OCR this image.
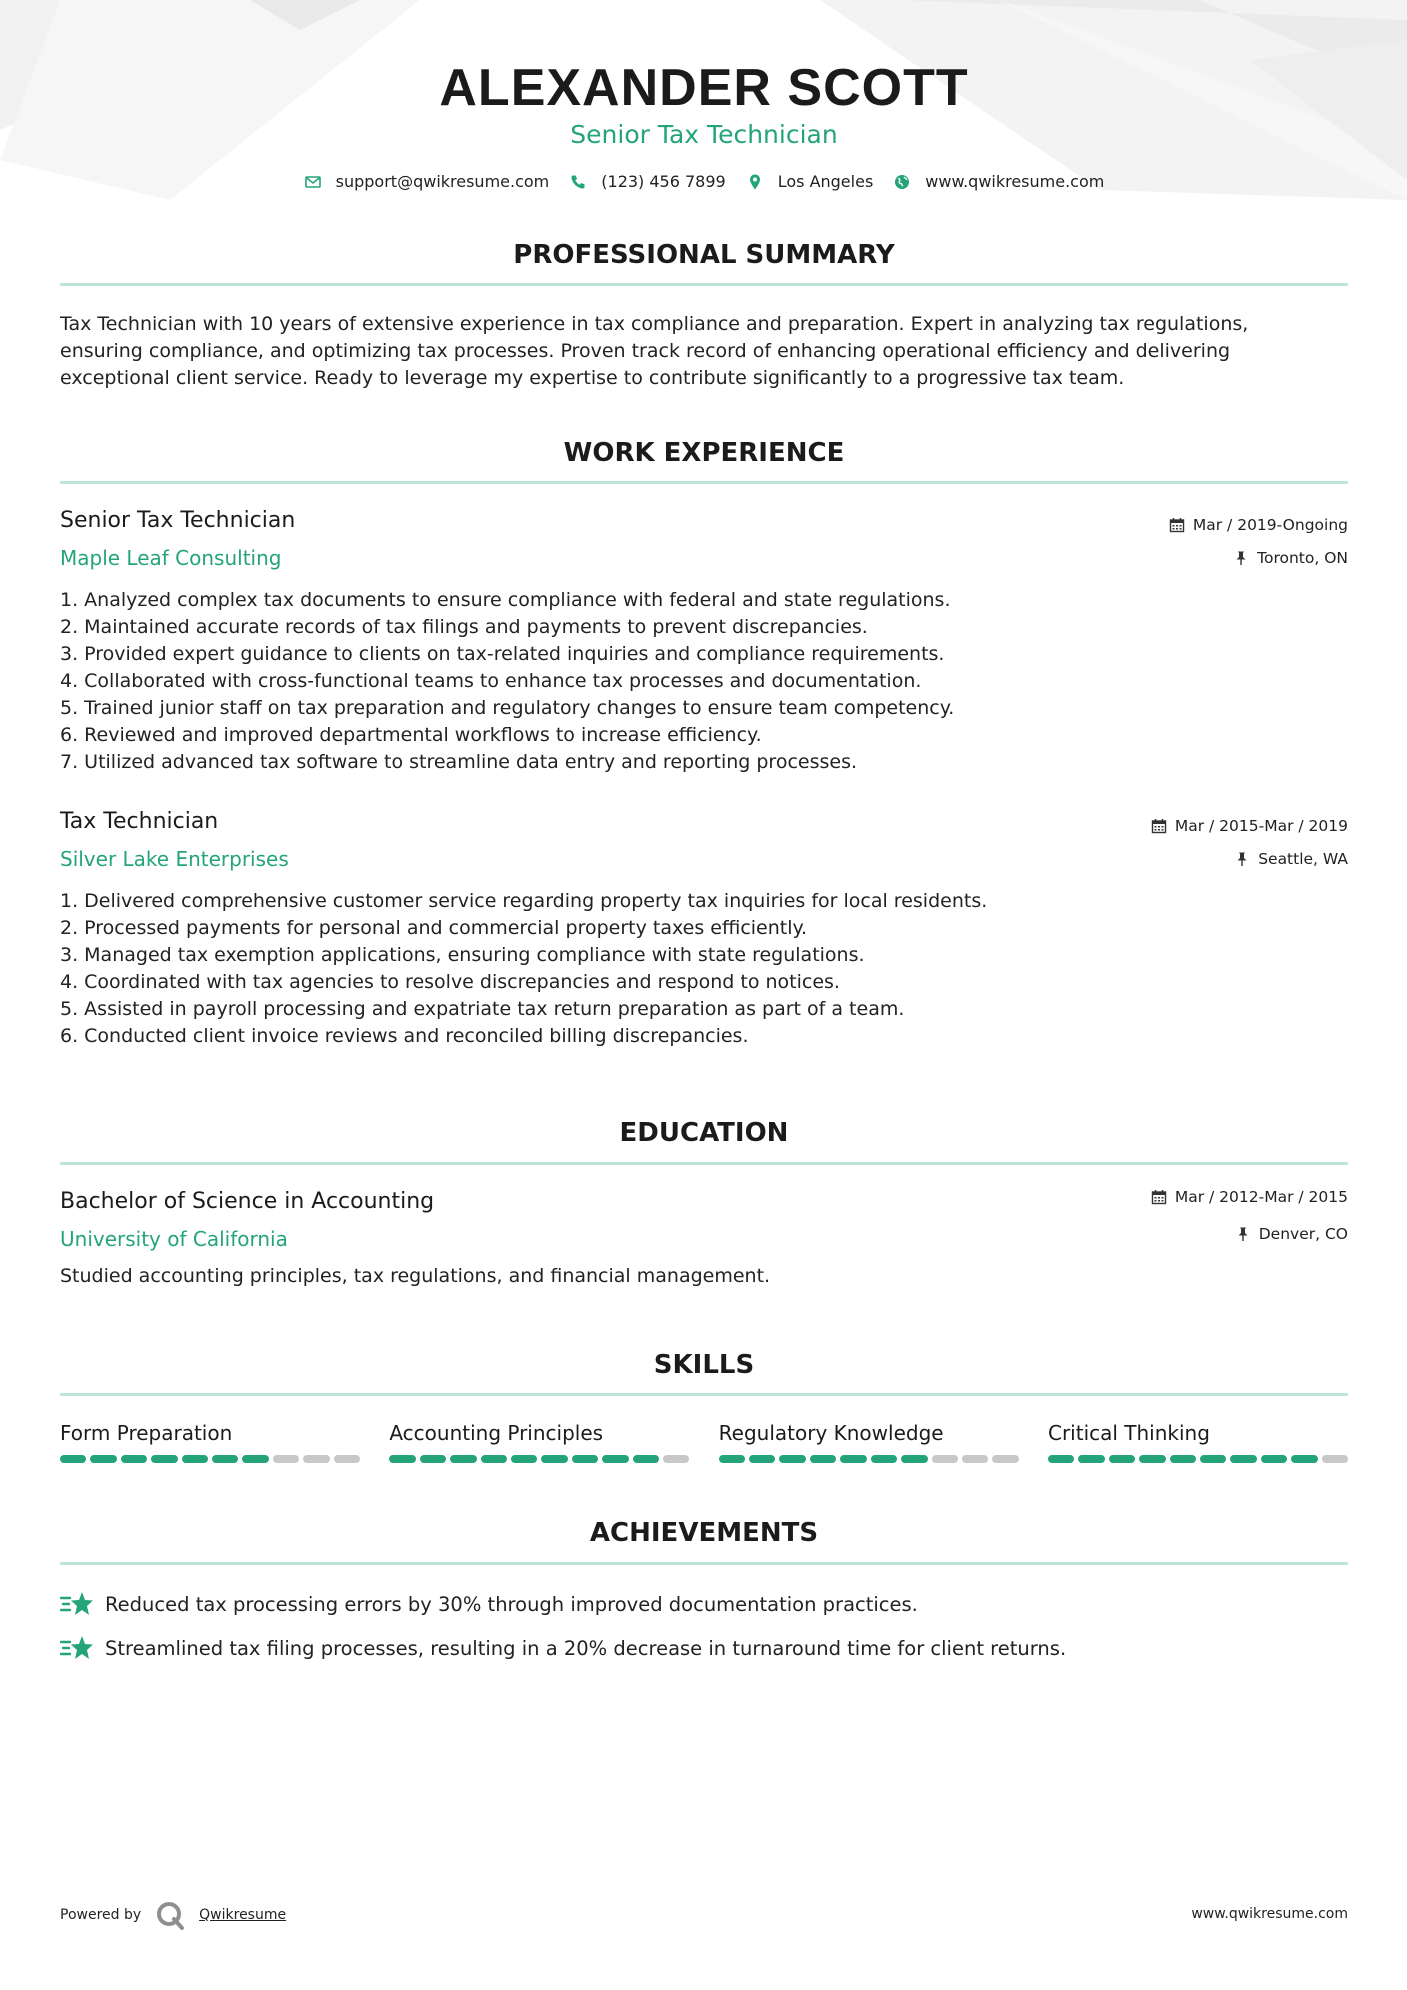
ALEXANDER SCOTT
Senior Tax Technician
support@qwikresume.com	(123) 456 7899	Los Angeles	www.qwikresume.com
PROFESSIONAL SUMMARY
Tax Technician with 10 years of extensive experience in tax compliance and preparation. Expert in analyzing tax regulations,
ensuring compliance, and optimizing tax processes. Proven track record of enhancing operational efficiency and delivering
exceptional client service. Ready to leverage my expertise to contribute significantly to a progressive tax team.
WORK EXPERIENCE
Senior Tax Technician
Maple Leaf Consulting
Mar / 2019-Ongoing
Toronto, ON
1. Analyzed complex tax documents to ensure compliance with federal and state regulations.
2. Maintained accurate records of tax filings and payments to prevent discrepancies.
3. Provided expert guidance to clients on tax-related inquiries and compliance requirements.
4. Collaborated with cross-functional teams to enhance tax processes and documentation.
5. Trained junior staff on tax preparation and regulatory changes to ensure team competency.
6. Reviewed and improved departmental workflows to increase efficiency.
7. Utilized advanced tax software to streamline data entry and reporting processes.
Tax Technician
Silver Lake Enterprises
Mar / 2015-Mar / 2019
Seattle, WA
1. Delivered comprehensive customer service regarding property tax inquiries for local residents.
2. Processed payments for personal and commercial property taxes efficiently.
3. Managed tax exemption applications, ensuring compliance with state regulations.
4. Coordinated with tax agencies to resolve discrepancies and respond to notices.
5. Assisted in payroll processing and expatriate tax return preparation as part of a team.
6. Conducted client invoice reviews and reconciled billing discrepancies.
EDUCATION
Bachelor of Science in Accounting
University of California
Mar / 2012-Mar / 2015
Denver, CO
Studied accounting principles, tax regulations, and financial management.
SKILLS
Form Preparation	Accounting Principles	Regulatory Knowledge	Critical Thinking
ACHIEVEMENTS
Reduced tax processing errors by 30% through improved documentation practices.
Streamlined tax filing processes, resulting in a 20% decrease in turnaround time for client returns.
Powered by	Qwikresume	www.qwikresume.com
